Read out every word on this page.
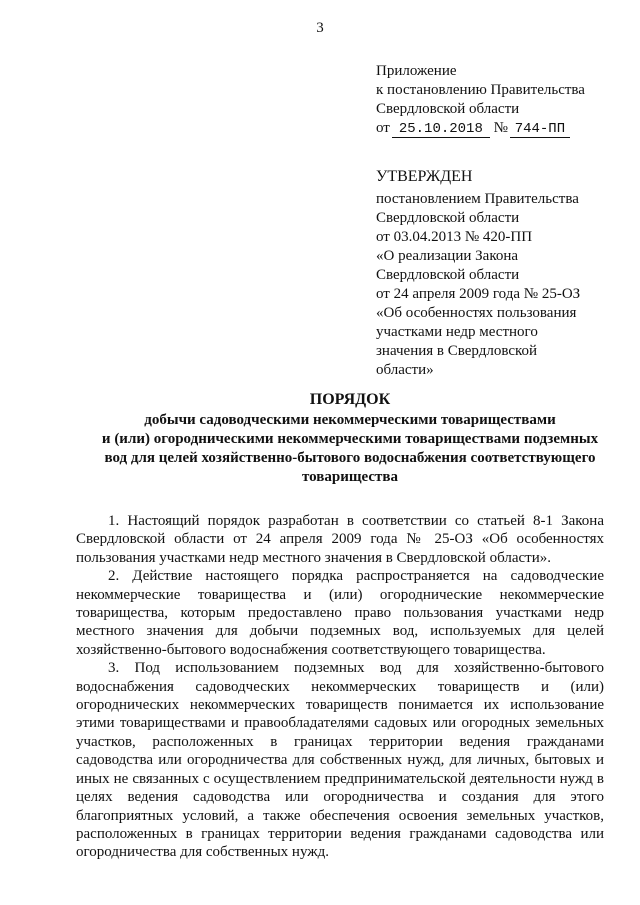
3
Приложение
к постановлению Правительства
Свердловской области
от 25.10.2018 № 744-ПП
УТВЕРЖДЕН
постановлением Правительства
Свердловской области
от 03.04.2013 № 420-ПП
«О реализации Закона
Свердловской области
от 24 апреля 2009 года № 25-ОЗ
«Об особенностях пользования
участками недр местного
значения в Свердловской
области»
ПОРЯДОК
добычи садоводческими некоммерческими товариществами
и (или) огородническими некоммерческими товариществами подземных
вод для целей хозяйственно-бытового водоснабжения соответствующего
товарищества

1. Настоящий порядок разработан в соответствии со статьей 8-1 Закона Свердловской области от 24 апреля 2009 года № 25-ОЗ «Об особенностях пользования участками недр местного значения в Свердловской области».

2. Действие настоящего порядка распространяется на садоводческие некоммерческие товарищества и (или) огороднические некоммерческие товарищества, которым предоставлено право пользования участками недр местного значения для добычи подземных вод, используемых для целей хозяйственно-бытового водоснабжения соответствующего товарищества.

3. Под использованием подземных вод для хозяйственно-бытового водоснабжения садоводческих некоммерческих товариществ и (или) огороднических некоммерческих товариществ понимается их использование этими товариществами и правообладателями садовых или огородных земельных участков, расположенных в границах территории ведения гражданами садоводства или огородничества для собственных нужд, для личных, бытовых и иных не связанных с осуществлением предпринимательской деятельности нужд в целях ведения садоводства или огородничества и создания для этого благоприятных условий, а также обеспечения освоения земельных участков, расположенных в границах территории ведения гражданами садоводства или огородничества для собственных нужд.
